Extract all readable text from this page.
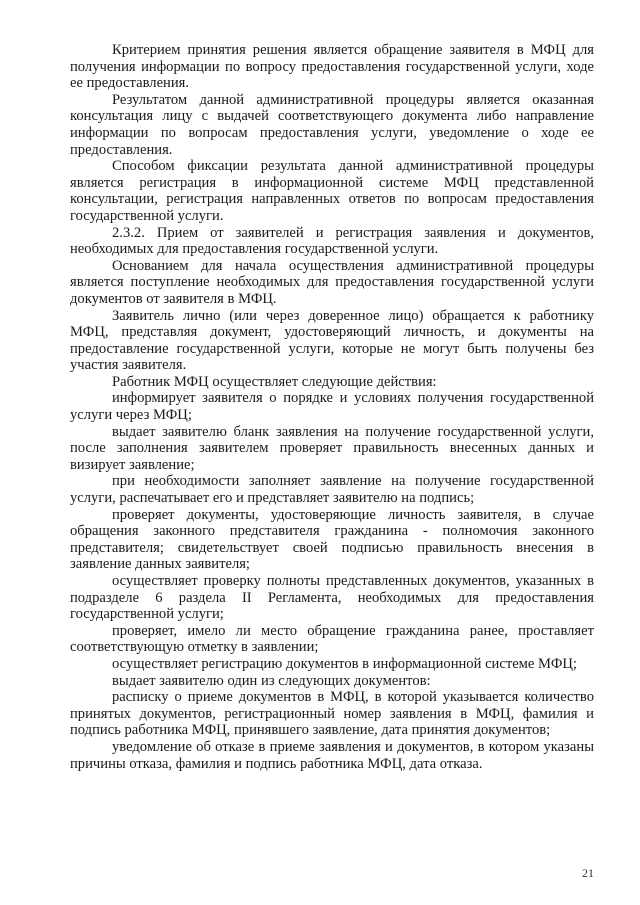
Критерием принятия решения является обращение заявителя в МФЦ для получения информации по вопросу предоставления государственной услуги, ходе ее предоставления.

Результатом данной административной процедуры является оказанная консультация лицу с выдачей соответствующего документа либо направление информации по вопросам предоставления услуги, уведомление о ходе ее предоставления.

Способом фиксации результата данной административной процедуры является регистрация в информационной системе МФЦ представленной консультации, регистрация направленных ответов по вопросам предоставления государственной услуги.

2.3.2. Прием от заявителей и регистрация заявления и документов, необходимых для предоставления государственной услуги.

Основанием для начала осуществления административной процедуры является поступление необходимых для предоставления государственной услуги документов от заявителя в МФЦ.

Заявитель лично (или через доверенное лицо) обращается к работнику МФЦ, представляя документ, удостоверяющий личность, и документы на предоставление государственной услуги, которые не могут быть получены без участия заявителя.

Работник МФЦ осуществляет следующие действия:

информирует заявителя о порядке и условиях получения государственной услуги через МФЦ;

выдает заявителю бланк заявления на получение государственной услуги, после заполнения заявителем проверяет правильность внесенных данных и визирует заявление;

при необходимости заполняет заявление на получение государственной услуги, распечатывает его и представляет заявителю на подпись;

проверяет документы, удостоверяющие личность заявителя, в случае обращения законного представителя гражданина - полномочия законного представителя; свидетельствует своей подписью правильность внесения в заявление данных заявителя;

осуществляет проверку полноты представленных документов, указанных в подразделе 6 раздела II Регламента, необходимых для предоставления государственной услуги;

проверяет, имело ли место обращение гражданина ранее, проставляет соответствующую отметку в заявлении;

осуществляет регистрацию документов в информационной системе МФЦ;

выдает заявителю один из следующих документов:

расписку о приеме документов в МФЦ, в которой указывается количество принятых документов, регистрационный номер заявления в МФЦ, фамилия и подпись работника МФЦ, принявшего заявление, дата принятия документов;

уведомление об отказе в приеме заявления и документов, в котором указаны причины отказа, фамилия и подпись работника МФЦ, дата отказа.

21
